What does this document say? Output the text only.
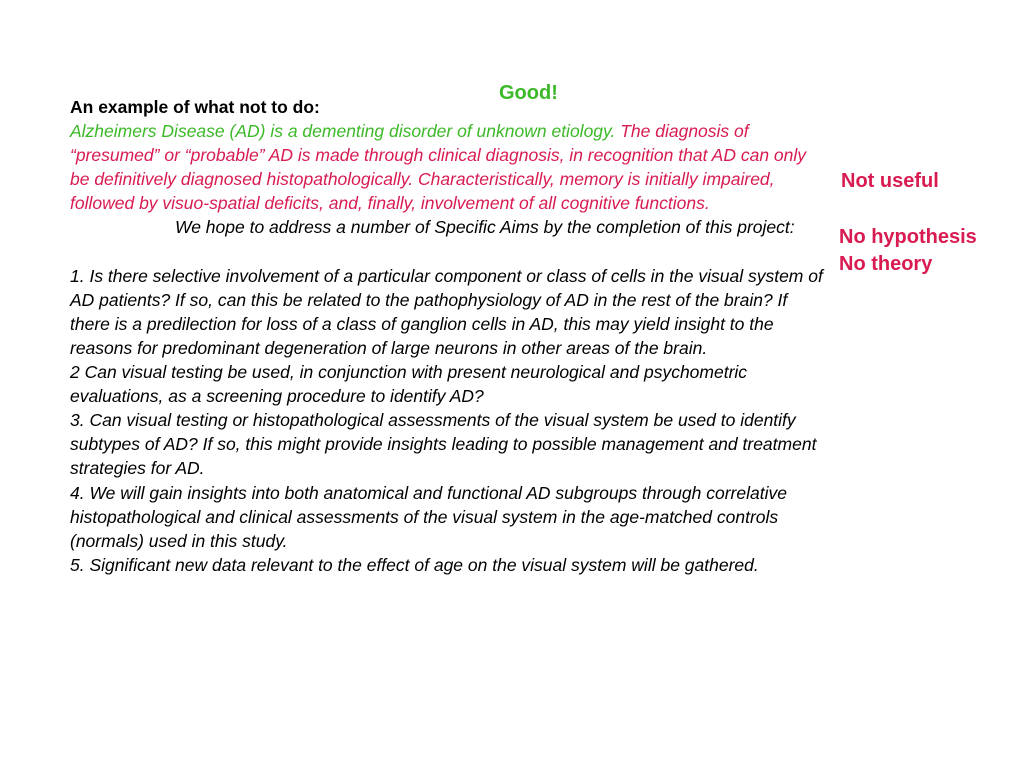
Good!
An example of what not to do:
Alzheimers Disease (AD) is a dementing disorder of unknown etiology. The diagnosis of “presumed” or “probable” AD is made through clinical diagnosis, in recognition that AD can only be definitively diagnosed histopathologically. Characteristically, memory is initially impaired, followed by visuo-spatial deficits, and, finally, involvement of all cognitive functions.
We hope to address a number of Specific Aims by the completion of this project:
1. Is there selective involvement of a particular component or class of cells in the visual system of AD patients? If so, can this be related to the pathophysiology of AD in the rest of the brain? If there is a predilection for loss of a class of ganglion cells in AD, this may yield insight to the reasons for predominant degeneration of large neurons in other areas of the brain.
2 Can visual testing be used, in conjunction with present neurological and psychometric evaluations, as a screening procedure to identify AD?
3. Can visual testing or histopathological assessments of the visual system be used to identify subtypes of AD? If so, this might provide insights leading to possible management and treatment strategies for AD.
4. We will gain insights into both anatomical and functional AD subgroups through correlative histopathological and clinical assessments of the visual system in the age-matched controls (normals) used in this study.
5. Significant new data relevant to the effect of age on the visual system will be gathered.
Not useful
No hypothesis
No theory
